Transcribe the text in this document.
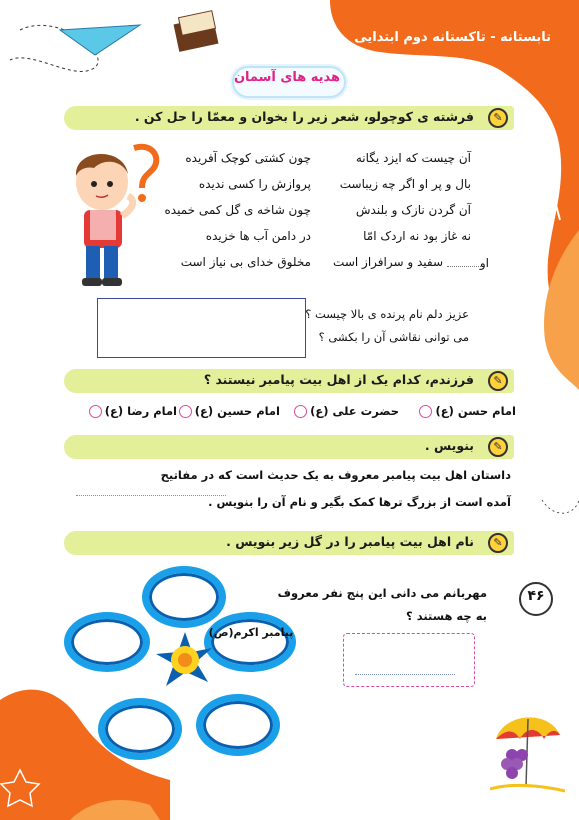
تابستانه - تاکستانه دوم ابتدایی
هدیه های آسمان
✎
فرشته ی کوچولو، شعر زیر را بخوان و معمّا را حل کن .
آن چیست که ایزد یگانه
بال و پر او اگر چه زیباست
آن گردن نازک و بلندش
نه غاز بود نه اردک امّا
او
سفید و سرافراز است
چون کشتی کوچک آفریده
پروازش را کسی ندیده
چون شاخه ی گل کمی خمیده
در دامن آب ها خزیده
مخلوق خدای بی نیاز است
عزیز دلم نام پرنده ی بالا چیست ؟
می توانی نقاشی آن را بکشی ؟
✎
فرزندم، کدام یک از اهل بیت پیامبر نیستند ؟
امام حسن (ع)
حضرت علی (ع)
امام حسین (ع)
امام رضا (ع)
✎
بنویس .
داستان اهل بیت پیامبر معروف به یک حدیث است که در مفاتیح
آمده است از بزرگ ترها کمک بگیر و نام آن را بنویس .
✎
نام اهل بیت پیامبر را در گل زیر بنویس .
پیامبر اکرم(ص)
مهربانم می دانی این پنج نفر معروف
به چه هستند ؟
۴۶
